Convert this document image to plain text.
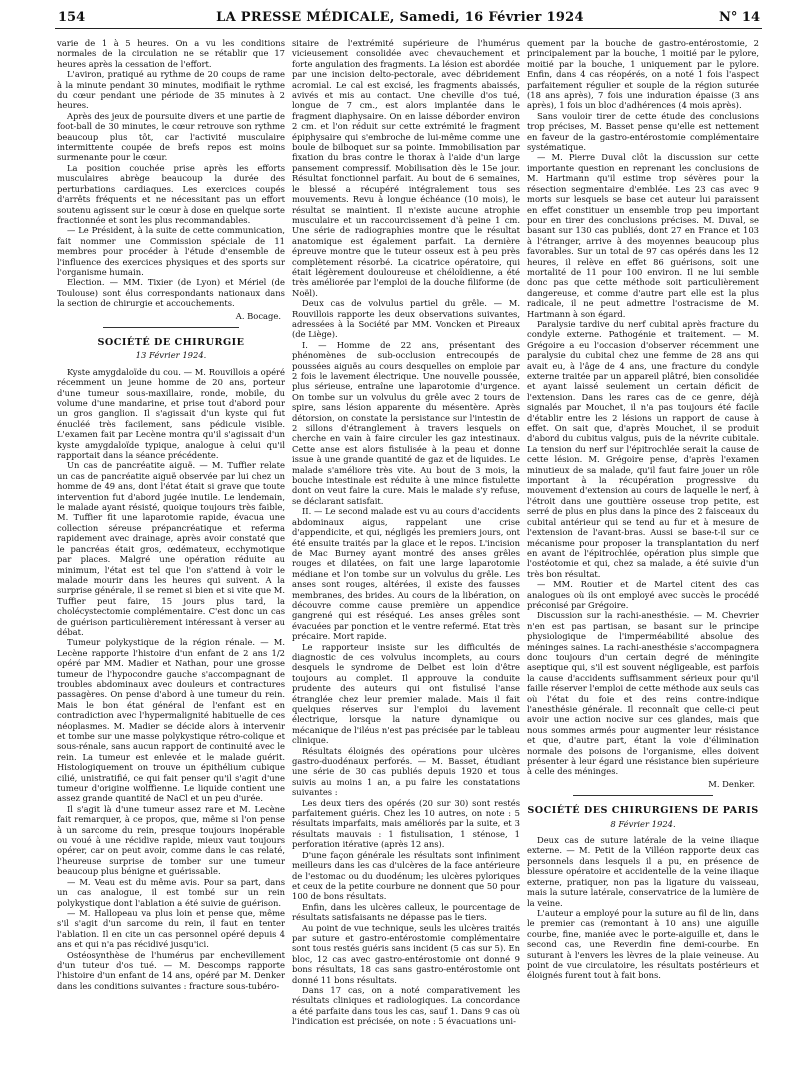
154	LA PRESSE MÉDICALE, Samedi, 16 Février 1924	N° 14

varie de 1 à 5 heures. On a vu les conditions normales de la circulation ne se rétablir que 17 heures après la cessation de l'effort.

L'aviron, pratiqué au rythme de 20 coups de rame à la minute pendant 30 minutes, modifiait le rythme du cœur pendant une période de 35 minutes à 2 heures.

Après des jeux de poursuite divers et une partie de foot-ball de 30 minutes, le cœur retrouve son rythme beaucoup plus tôt, car l'activité musculaire intermittente coupée de brefs repos est moins surmenante pour le cœur.

La position couchée prise après les efforts musculaires abrège beaucoup la durée des perturbations cardiaques. Les exercices coupés d'arrêts fréquents et ne nécessitant pas un effort soutenu agissent sur le cœur à dose en quelque sorte fractionnée et sont les plus recommandables.

— Le Président, à la suite de cette communication, fait nommer une Commission spéciale de 11 membres pour procéder à l'étude d'ensemble de l'influence des exercices physiques et des sports sur l'organisme humain.

Election. — MM. Tixier (de Lyon) et Mériel (de Toulouse) sont élus correspondants nationaux dans la section de chirurgie et accouchements.

A. Bocage.
SOCIÉTÉ DE CHIRURGIE
13 Février 1924.

Kyste amygdaloïde du cou. — M. Rouvillois a opéré récemment un jeune homme de 20 ans, porteur d'une tumeur sous-maxillaire, ronde, mobile, du volume d'une mandarine, et prise tout d'abord pour un gros ganglion. Il s'agissait d'un kyste qui fut énucléé très facilement, sans pédicule visible. L'examen fait par Lecène montra qu'il s'agissait d'un kyste amygdaloïde typique, analogue à celui qu'il rapportait dans la séance précédente.

Un cas de pancréatite aiguë. — M. Tuffier relate un cas de pancréatite aiguë observée par lui chez un homme de 49 ans, dont l'état était si grave que toute intervention fut d'abord jugée inutile. Le lendemain, le malade ayant résisté, quoique toujours très faible, M. Tuffier fit une laparotomie rapide, évacua une collection séreuse prépancréatique et referma rapidement avec drainage, après avoir constaté que le pancréas était gros, œdémateux, ecchymotique par places. Malgré une opération réduite au minimum, l'état est tel que l'on s'attend à voir le malade mourir dans les heures qui suivent. A la surprise générale, il se remet si bien et si vite que M. Tuffier peut faire, 15 jours plus tard, la cholécystectomie complémentaire. C'est donc un cas de guérison particulièrement intéressant à verser au débat.

Tumeur polykystique de la région rénale. — M. Lecène rapporte l'histoire d'un enfant de 2 ans 1/2 opéré par MM. Madier et Nathan, pour une grosse tumeur de l'hypocondre gauche s'accompagnant de troubles abdominaux avec douleurs et contractures passagères. On pense d'abord à une tumeur du rein. Mais le bon état général de l'enfant est en contradiction avec l'hypermalignité habituelle de ces néoplasmes. M. Madier se décide alors à intervenir et tombe sur une masse polykystique rétro-colique et sous-rénale, sans aucun rapport de continuité avec le rein. La tumeur est enlevée et le malade guérit. Histologiquement on trouve un épithélium cubique cilié, unistratifié, ce qui fait penser qu'il s'agit d'une tumeur d'origine wolffienne. Le liquide contient une assez grande quantité de NaCl et un peu d'urée.

Il s'agit là d'une tumeur assez rare et M. Lecène fait remarquer, à ce propos, que, même si l'on pense à un sarcome du rein, presque toujours inopérable ou voué à une récidive rapide, mieux vaut toujours opérer, car on peut avoir, comme dans le cas relaté, l'heureuse surprise de tomber sur une tumeur beaucoup plus bénigne et guérissable.

— M. Veau est du même avis. Pour sa part, dans un cas analogue, il est tombé sur un rein polykystique dont l'ablation a été suivie de guérison.

— M. Hallopeau va plus loin et pense que, même s'il s'agit d'un sarcome du rein, il faut en tenter l'ablation. Il en cite un cas personnel opéré depuis 4 ans et qui n'a pas récidivé jusqu'ici.

Ostéosynthèse de l'humérus par enchevillement d'un tuteur d'os tué. — M. Descomps rapporte l'histoire d'un enfant de 14 ans, opéré par M. Denker dans les conditions suivantes : fracture sous-tubéro-

sitaire de l'extrémité supérieure de l'humérus vicieusement consolidée avec chevauchement et forte angulation des fragments. La lésion est abordée par une incision delto-pectorale, avec débridement acromial. Le cal est excisé, les fragments abaissés, avivés et mis au contact. Une cheville d'os tué, longue de 7 cm., est alors implantée dans le fragment diaphysaire. On en laisse déborder environ 2 cm. et l'on réduit sur cette extrémité le fragment épiphysaire qui s'embroche de lui-même comme une boule de bilboquet sur sa pointe. Immobilisation par fixation du bras contre le thorax à l'aide d'un large pansement compressif. Mobilisation dès le 15e jour. Résultat fonctionnel parfait. Au bout de 6 semaines, le blessé a récupéré intégralement tous ses mouvements. Revu à longue échéance (10 mois), le résultat se maintient. Il n'existe aucune atrophie musculaire et un raccourcissement d'à peine 1 cm. Une série de radiographies montre que le résultat anatomique est également parfait. La dernière épreuve montre que le tuteur osseux est à peu près complètement résorbé. La cicatrice opératoire, qui était légèrement douloureuse et chéloïdienne, a été très améliorée par l'emploi de la douche filiforme (de Noël).

Deux cas de volvulus partiel du grêle. — M. Rouvillois rapporte les deux observations suivantes, adressées à la Société par MM. Voncken et Pireaux (de Liège).

I. — Homme de 22 ans, présentant des phénomènes de sub-occlusion entrecoupés de poussées aiguës au cours desquelles on emploie par 2 fois le lavement électrique. Une nouvelle poussée, plus sérieuse, entraîne une laparotomie d'urgence. On tombe sur un volvulus du grêle avec 2 tours de spire, sans lésion apparente du mésentère. Après détorsion, on constate la persistance sur l'intestin de 2 sillons d'étranglement à travers lesquels on cherche en vain à faire circuler les gaz intestinaux. Cette anse est alors fistulisée à la peau et donne issue à une grande quantité de gaz et de liquides. Le malade s'améliore très vite. Au bout de 3 mois, la bouche intestinale est réduite à une mince fistulette dont on veut faire la cure. Mais le malade s'y refuse, se déclarant satisfait.

II. — Le second malade est vu au cours d'accidents abdominaux aigus, rappelant une crise d'appendicite, et qui, négligés les premiers jours, ont été ensuite traités par la glace et le repos. L'incision de Mac Burney ayant montré des anses grêles rouges et dilatées, on fait une large laparotomie médiane et l'on tombe sur un volvulus du grêle. Les anses sont rouges, altérées, il existe des fausses membranes, des brides. Au cours de la libération, on découvre comme cause première un appendice gangrené qui est réséqué. Les anses grêles sont évacuées par ponction et le ventre refermé. Etat très précaire. Mort rapide.

Le rapporteur insiste sur les difficultés de diagnostic de ces volvulus incomplets, au cours desquels le syndrome de Delbet est loin d'être toujours au complet. Il approuve la conduite prudente des auteurs qui ont fistulisé l'anse étranglée chez leur premier malade. Mais il fait quelques réserves sur l'emploi du lavement électrique, lorsque la nature dynamique ou mécanique de l'iléus n'est pas précisée par le tableau clinique.

Résultats éloignés des opérations pour ulcères gastro-duodénaux perforés. — M. Basset, étudiant une série de 30 cas publiés depuis 1920 et tous suivis au moins 1 an, a pu faire les constatations suivantes :

Les deux tiers des opérés (20 sur 30) sont restés parfaitement guéris. Chez les 10 autres, on note : 5 résultats imparfaits, mais améliorés par la suite, et 3 résultats mauvais : 1 fistulisation, 1 sténose, 1 perforation itérative (après 12 ans).

D'une façon générale les résultats sont infiniment meilleurs dans les cas d'ulcères de la face antérieure de l'estomac ou du duodénum; les ulcères pyloriques et ceux de la petite courbure ne donnent que 50 pour 100 de bons résultats.

Enfin, dans les ulcères calleux, le pourcentage de résultats satisfaisants ne dépasse pas le tiers.

Au point de vue technique, seuls les ulcères traités par suture et gastro-entérostomie complémentaire sont tous restés guéris sans incident (5 cas sur 5). En bloc, 12 cas avec gastro-entérostomie ont donné 9 bons résultats, 18 cas sans gastro-entérostomie ont donné 11 bons résultats.

Dans 17 cas, on a noté comparativement les résultats cliniques et radiologiques. La concordance a été parfaite dans tous les cas, sauf 1. Dans 9 cas où l'indication est précisée, on note : 5 évacuations uni-

quement par la bouche de gastro-entérostomie, 2 principalement par la bouche, 1 moitié par le pylore, moitié par la bouche, 1 uniquement par le pylore. Enfin, dans 4 cas réopérés, on a noté 1 fois l'aspect parfaitement régulier et souple de la région suturée (18 ans après), 7 fois une induration épaisse (3 ans après), 1 fois un bloc d'adhérences (4 mois après).

Sans vouloir tirer de cette étude des conclusions trop précises, M. Basset pense qu'elle est nettement en faveur de la gastro-entérostomie complémentaire systématique.

— M. Pierre Duval clôt la discussion sur cette importante question en reprenant les conclusions de M. Hartmann qu'il estime trop sévères pour la résection segmentaire d'emblée. Les 23 cas avec 9 morts sur lesquels se base cet auteur lui paraissent en effet constituer un ensemble trop peu important pour en tirer des conclusions précises. M. Duval, se basant sur 130 cas publiés, dont 27 en France et 103 à l'étranger, arrive à des moyennes beaucoup plus favorables. Sur un total de 97 cas opérés dans les 12 heures, il relève en effet 86 guérisons, soit une mortalité de 11 pour 100 environ. Il ne lui semble donc pas que cette méthode soit particulièrement dangereuse, et comme d'autre part elle est la plus radicale, il ne peut admettre l'ostracisme de M. Hartmann à son égard.

Paralysie tardive du nerf cubital après fracture du condyle externe. Pathogénie et traitement. — M. Grégoire a eu l'occasion d'observer récemment une paralysie du cubital chez une femme de 28 ans qui avait eu, à l'âge de 4 ans, une fracture du condyle externe traitée par un appareil plâtré, bien consolidée et ayant laissé seulement un certain déficit de l'extension. Dans les rares cas de ce genre, déjà signalés par Mouchet, il n'a pas toujours été facile d'établir entre les 2 lésions un rapport de cause à effet. On sait que, d'après Mouchet, il se produit d'abord du cubitus valgus, puis de la névrite cubitale. La tension du nerf sur l'épitrochlée serait la cause de cette lésion. M. Grégoire pense, d'après l'examen minutieux de sa malade, qu'il faut faire jouer un rôle important à la récupération progressive du mouvement d'extension au cours de laquelle le nerf, à l'étroit dans une gouttière osseuse trop petite, est serré de plus en plus dans la pince des 2 faisceaux du cubital antérieur qui se tend au fur et à mesure de l'extension de l'avant-bras. Aussi se base-t-il sur ce mécanisme pour proposer la transplantation du nerf en avant de l'épitrochlée, opération plus simple que l'ostéotomie et qui, chez sa malade, a été suivie d'un très bon résultat.

— MM. Routier et de Martel citent des cas analogues où ils ont employé avec succès le procédé préconisé par Grégoire.

Discussion sur la rachi-anesthésie. — M. Chevrier n'en est pas partisan, se basant sur le principe physiologique de l'imperméabilité absolue des méninges saines. La rachi-anesthésie s'accompagnera donc toujours d'un certain degré de méningite aseptique qui, s'il est souvent négligeable, est parfois la cause d'accidents suffisamment sérieux pour qu'il faille réserver l'emploi de cette méthode aux seuls cas où l'état du foie et des reins contre-indique l'anesthésie générale. Il reconnaît que celle-ci peut avoir une action nocive sur ces glandes, mais que nous sommes armés pour augmenter leur résistance et que, d'autre part, étant la voie d'élimination normale des poisons de l'organisme, elles doivent présenter à leur égard une résistance bien supérieure à celle des méninges.

M. Denker.
SOCIÉTÉ DES CHIRURGIENS DE PARIS
8 Février 1924.

Deux cas de suture latérale de la veine iliaque externe. — M. Petit de la Villéon rapporte deux cas personnels dans lesquels il a pu, en présence de blessure opératoire et accidentelle de la veine iliaque externe, pratiquer, non pas la ligature du vaisseau, mais la suture latérale, conservatrice de la lumière de la veine.

L'auteur a employé pour la suture au fil de lin, dans le premier cas (remontant à 10 ans) une aiguille courbe, fine, maniée avec le porte-aiguille et, dans le second cas, une Reverdin fine demi-courbe. En suturant à l'envers les lèvres de la plaie veineuse. Au point de vue circulatoire, les résultats postérieurs et éloignés furent tout à fait bons.
